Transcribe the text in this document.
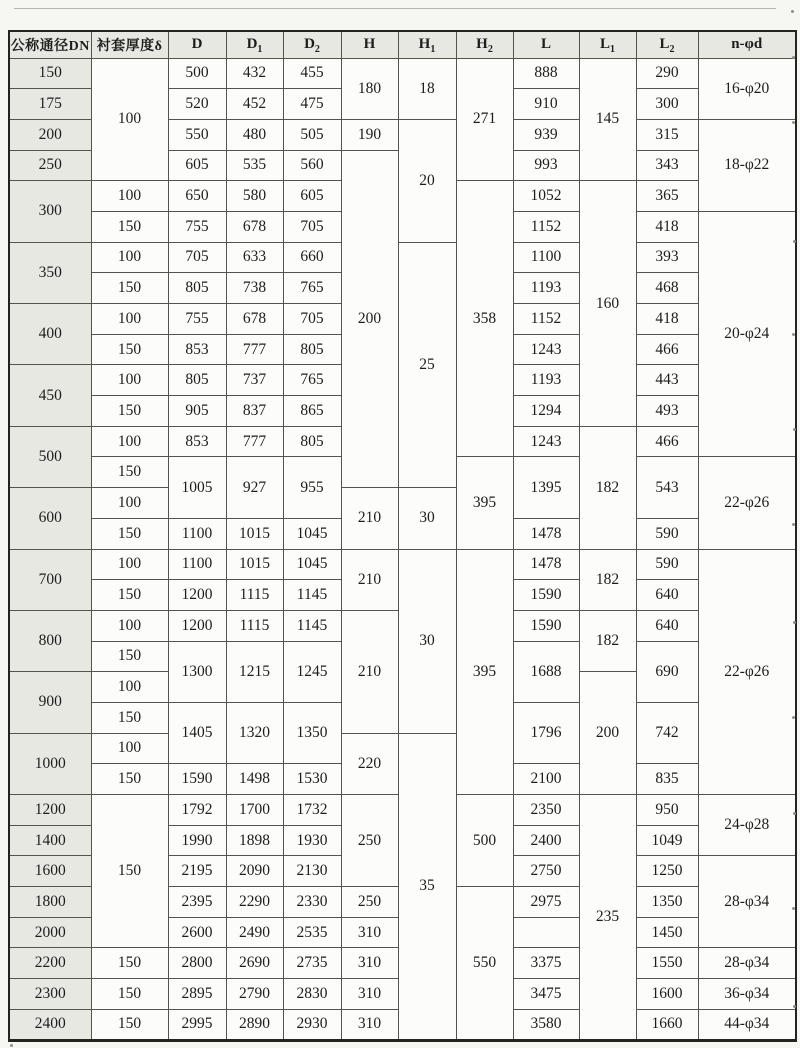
公称通径DN	衬套厚度δ	D	$D_1$	$D_2$	H	$H_1$	$H_2$	L	$L_1$	$L_2$	n-φd
150	100	500	432	455	180	18	271	888	145	290	16-φ20
175		520	452	475				910		300	
200		550	480	505	190	20		939		315	18-φ22
250		605	535	560	200			993		343	
300	100	650	580	605			358	1052	160	365	
	150	755	678	705				1152		418	20-φ24
350	100	705	633	660		25		1100		393	
	150	805	738	765				1193		468	
400	100	755	678	705				1152		418	
	150	853	777	805				1243		466	
450	100	805	737	765				1193		443	
	150	905	837	865				1294		493	
500	100	853	777	805				1243	182	466	
	150	1005	927	955			395	1395		543	22-φ26
600	100				210	30					
	150	1100	1015	1045				1478		590	
700	100	1100	1015	1045	210	30	395	1478	182	590	22-φ26
	150	1200	1115	1145				1590		640	
800	100	1200	1115	1145	210			1590	182	640	
	150	1300	1215	1245				1688		690	
900	100								200		
	150	1405	1320	1350				1796		742	
1000	100				220	35					
	150	1590	1498	1530				2100		835	
1200	150	1792	1700	1732	250		500	2350	235	950	24-φ28
1400		1990	1898	1930				2400		1049	
1600		2195	2090	2130				2750		1250	28-φ34
1800		2395	2290	2330	250		550	2975		1350	
2000		2600	2490	2535	310					1450	
2200	150	2800	2690	2735	310			3375		1550	28-φ34
2300	150	2895	2790	2830	310			3475		1600	36-φ34
2400	150	2995	2890	2930	310			3580		1660	44-φ34
